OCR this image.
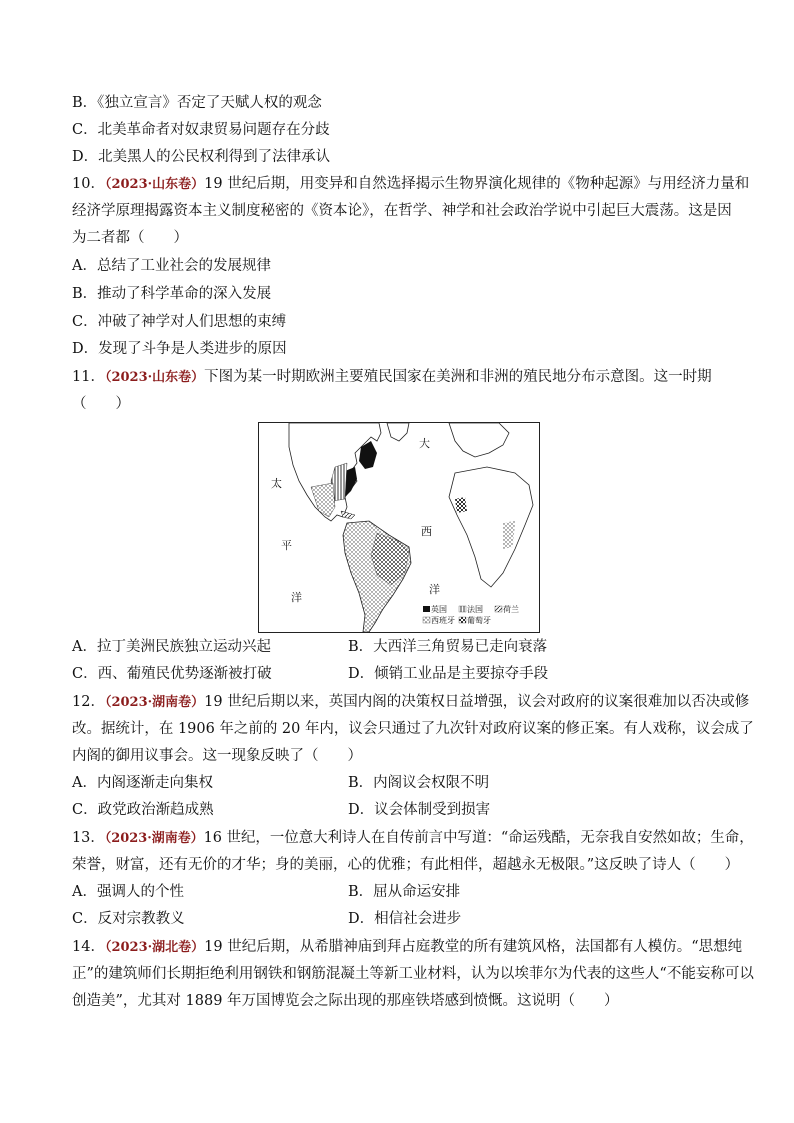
B．《独立宣言》否定了天赋人权的观念
C．北美革命者对奴隶贸易问题存在分歧
D．北美黑人的公民权利得到了法律承认
10．（2023·山东卷）19 世纪后期，用变异和自然选择揭示生物界演化规律的《物种起源》与用经济力量和
经济学原理揭露资本主义制度秘密的《资本论》，在哲学、神学和社会政治学说中引起巨大震荡。这是因
为二者都（　　）
A．总结了工业社会的发展规律
B．推动了科学革命的深入发展
C．冲破了神学对人们思想的束缚
D．发现了斗争是人类进步的原因
11．（2023·山东卷）下图为某一时期欧洲主要殖民国家在美洲和非洲的殖民地分布示意图。这一时期
（　　）
太
平
洋
大
西
洋
英国	法国	荷兰
西班牙 葡萄牙
A．拉丁美洲民族独立运动兴起	B．大西洋三角贸易已走向衰落
C．西、葡殖民优势逐渐被打破	D．倾销工业品是主要掠夺手段
12．（2023·湖南卷）19 世纪后期以来，英国内阁的决策权日益增强，议会对政府的议案很难加以否决或修
改。据统计，在 1906 年之前的 20 年内，议会只通过了九次针对政府议案的修正案。有人戏称，议会成了
内阁的御用议事会。这一现象反映了（　　）
A．内阁逐渐走向集权	B．内阁议会权限不明
C．政党政治渐趋成熟	D．议会体制受到损害
13．（2023·湖南卷）16 世纪，一位意大利诗人在自传前言中写道：“命运残酷，无奈我自安然如故；生命，
荣誉，财富，还有无价的才华；身的美丽，心的优雅；有此相伴，超越永无极限。”这反映了诗人（　　）
A．强调人的个性	B．屈从命运安排
C．反对宗教教义	D．相信社会进步
14．（2023·湖北卷）19 世纪后期，从希腊神庙到拜占庭教堂的所有建筑风格，法国都有人模仿。“思想纯
正”的建筑师们长期拒绝利用钢铁和钢筋混凝土等新工业材料，认为以埃菲尔为代表的这些人“不能妄称可以
创造美”，尤其对 1889 年万国博览会之际出现的那座铁塔感到愤慨。这说明（　　）
